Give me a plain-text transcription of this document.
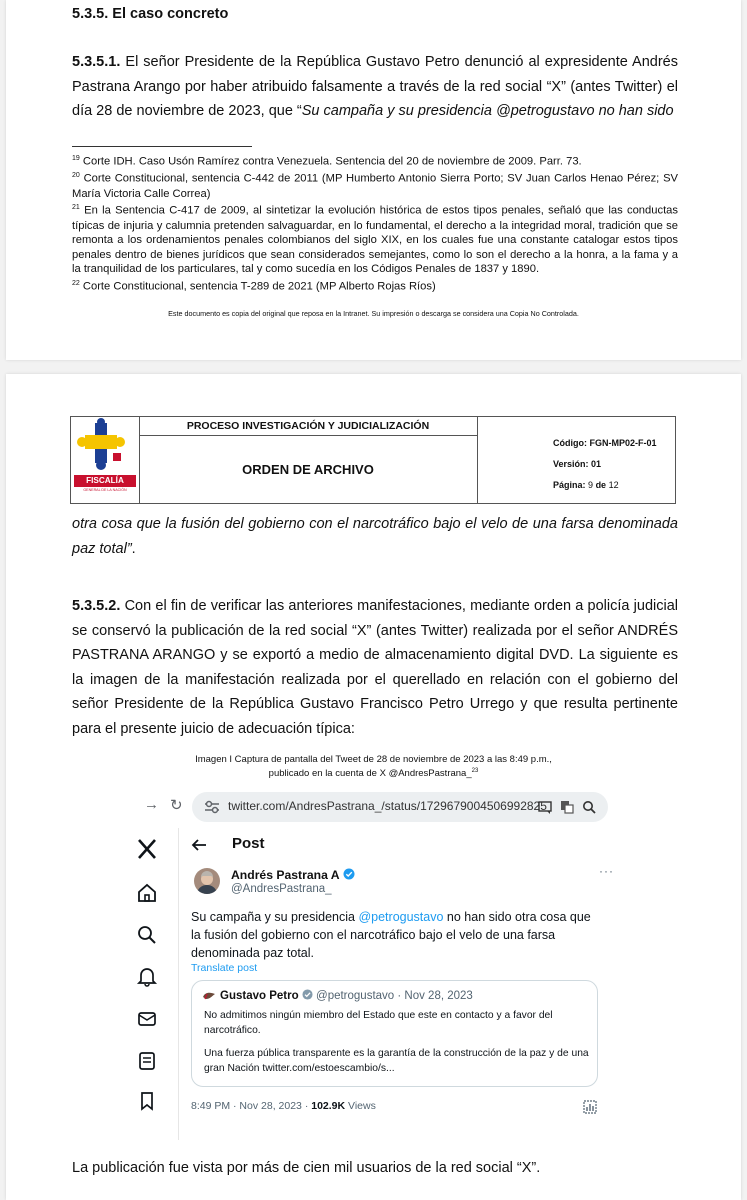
5.3.5. El caso concreto
5.3.5.1. El señor Presidente de la República Gustavo Petro denunció al expresidente Andrés Pastrana Arango por haber atribuido falsamente a través de la red social “X” (antes Twitter) el día 28 de noviembre de 2023, que “Su campaña y su presidencia @petrogustavo no han sido
$^{19}$ Corte IDH. Caso Usón Ramírez contra Venezuela. Sentencia del 20 de noviembre de 2009. Parr. 73.
$^{20}$ Corte Constitucional, sentencia C-442 de 2011 (MP Humberto Antonio Sierra Porto; SV Juan Carlos Henao Pérez; SV María Victoria Calle Correa)
$^{21}$ En la Sentencia C-417 de 2009, al sintetizar la evolución histórica de estos tipos penales, señaló que las conductas típicas de injuria y calumnia pretenden salvaguardar, en lo fundamental, el derecho a la integridad moral, tradición que se remonta a los ordenamientos penales colombianos del siglo XIX, en los cuales fue una constante catalogar estos tipos penales dentro de bienes jurídicos que sean considerados semejantes, como lo son el derecho a la honra, a la fama y a la tranquilidad de los particulares, tal y como sucedía en los Códigos Penales de 1837 y 1890.
$^{22}$ Corte Constitucional, sentencia T-289 de 2021 (MP Alberto Rojas Ríos)
Este documento es copia del original que reposa en la Intranet. Su impresión o descarga se considera una Copia No Controlada.
FISCALÍA
GENERAL DE LA NACIÓN
PROCESO INVESTIGACIÓN Y JUDICIALIZACIÓN
ORDEN DE ARCHIVO
Código: FGN-MP02-F-01
Versión: 01
Página: 9 de 12
otra cosa que la fusión del gobierno con el narcotráfico bajo el velo de una farsa denominada paz total”.
5.3.5.2. Con el fin de verificar las anteriores manifestaciones, mediante orden a policía judicial se conservó la publicación de la red social “X” (antes Twitter) realizada por el señor ANDRÉS PASTRANA ARANGO y se exportó a medio de almacenamiento digital DVD. La siguiente es la imagen de la manifestación realizada por el querellado en relación con el gobierno del señor Presidente de la República Gustavo Francisco Petro Urrego y que resulta pertinente para el presente juicio de adecuación típica:
Imagen I Captura de pantalla del Tweet de 28 de noviembre de 2023 a las 8:49 p.m.,
publicado en la cuenta de X @AndresPastrana_$^{23}$
→ ↻	twitter.com/AndresPastrana_/status/1729679004506992825
Post
Andrés Pastrana A
@AndresPastrana_
···
Su campaña y su presidencia @petrogustavo no han sido otra cosa que la fusión del gobierno con el narcotráfico bajo el velo de una farsa denominada paz total.
Translate post
Gustavo Petro @petrogustavo · Nov 28, 2023

No admitimos ningún miembro del Estado que este en contacto y a favor del narcotráfico.

Una fuerza pública transparente es la garantía de la construcción de la paz y de una gran Nación twitter.com/estoescambio/s...

8:49 PM · Nov 28, 2023 · 102.9K Views
La publicación fue vista por más de cien mil usuarios de la red social “X”.
